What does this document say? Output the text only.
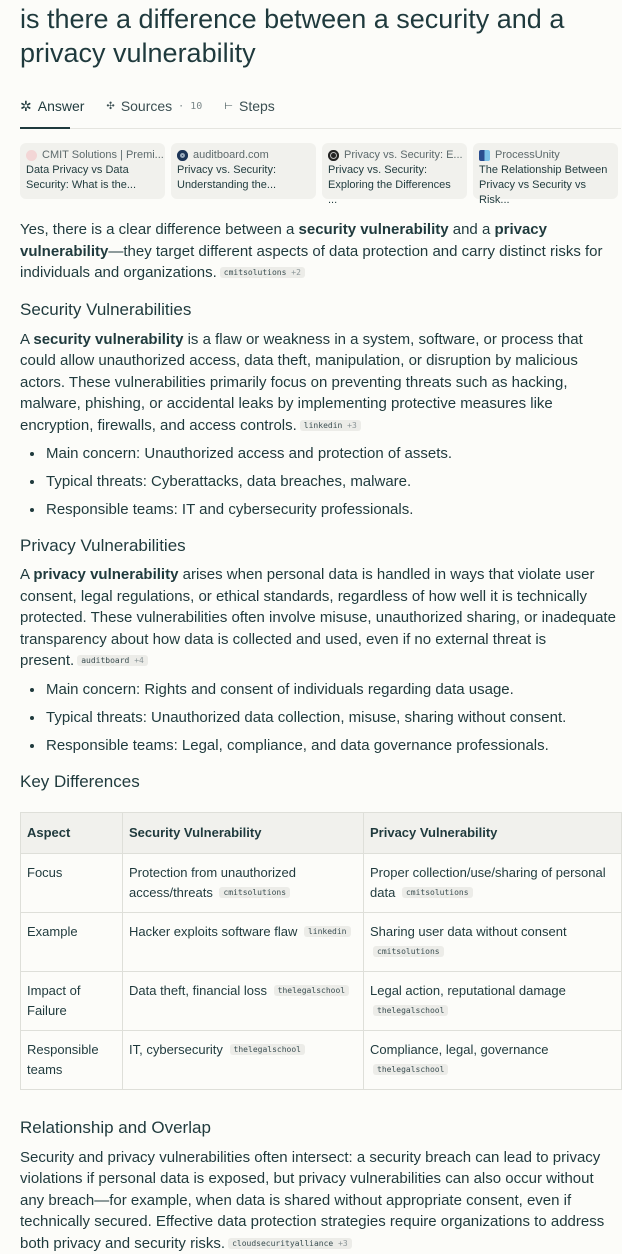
is there a difference between a security and a privacy vulnerability
✲ Answer ✣ Sources · 10 ⊢ Steps
CMIT Solutions | Premi...
Data Privacy vs Data Security: What is the...
auditboard.com
Privacy vs. Security: Understanding the...
Privacy vs. Security: E...
Privacy vs. Security: Exploring the Differences ...
ProcessUnity
The Relationship Between Privacy vs Security vs Risk...

Yes, there is a clear difference between a security vulnerability and a privacy vulnerability—they target different aspects of data protection and carry distinct risks for individuals and organizations. cmitsolutions +2

Security Vulnerabilities

A security vulnerability is a flaw or weakness in a system, software, or process that could allow unauthorized access, data theft, manipulation, or disruption by malicious actors. These vulnerabilities primarily focus on preventing threats such as hacking, malware, phishing, or accidental leaks by implementing protective measures like encryption, firewalls, and access controls. linkedin +3

Main concern: Unauthorized access and protection of assets.
Typical threats: Cyberattacks, data breaches, malware.
Responsible teams: IT and cybersecurity professionals.
Privacy Vulnerabilities

A privacy vulnerability arises when personal data is handled in ways that violate user consent, legal regulations, or ethical standards, regardless of how well it is technically protected. These vulnerabilities often involve misuse, unauthorized sharing, or inadequate transparency about how data is collected and used, even if no external threat is present. auditboard +4

Main concern: Rights and consent of individuals regarding data usage.
Typical threats: Unauthorized data collection, misuse, sharing without consent.
Responsible teams: Legal, compliance, and data governance professionals.
Key Differences
Aspect	Security Vulnerability	Privacy Vulnerability
Focus	Protection from unauthorized access/threats cmitsolutions	Proper collection/use/sharing of personal data cmitsolutions
Example	Hacker exploits software flaw linkedin	Sharing user data without consent cmitsolutions
Impact of Failure	Data theft, financial loss thelegalschool	Legal action, reputational damage thelegalschool
Responsible teams	IT, cybersecurity thelegalschool	Compliance, legal, governance thelegalschool
Relationship and Overlap

Security and privacy vulnerabilities often intersect: a security breach can lead to privacy violations if personal data is exposed, but privacy vulnerabilities can also occur without any breach—for example, when data is shared without appropriate consent, even if technically secured. Effective data protection strategies require organizations to address both privacy and security risks. cloudsecurityalliance +3
